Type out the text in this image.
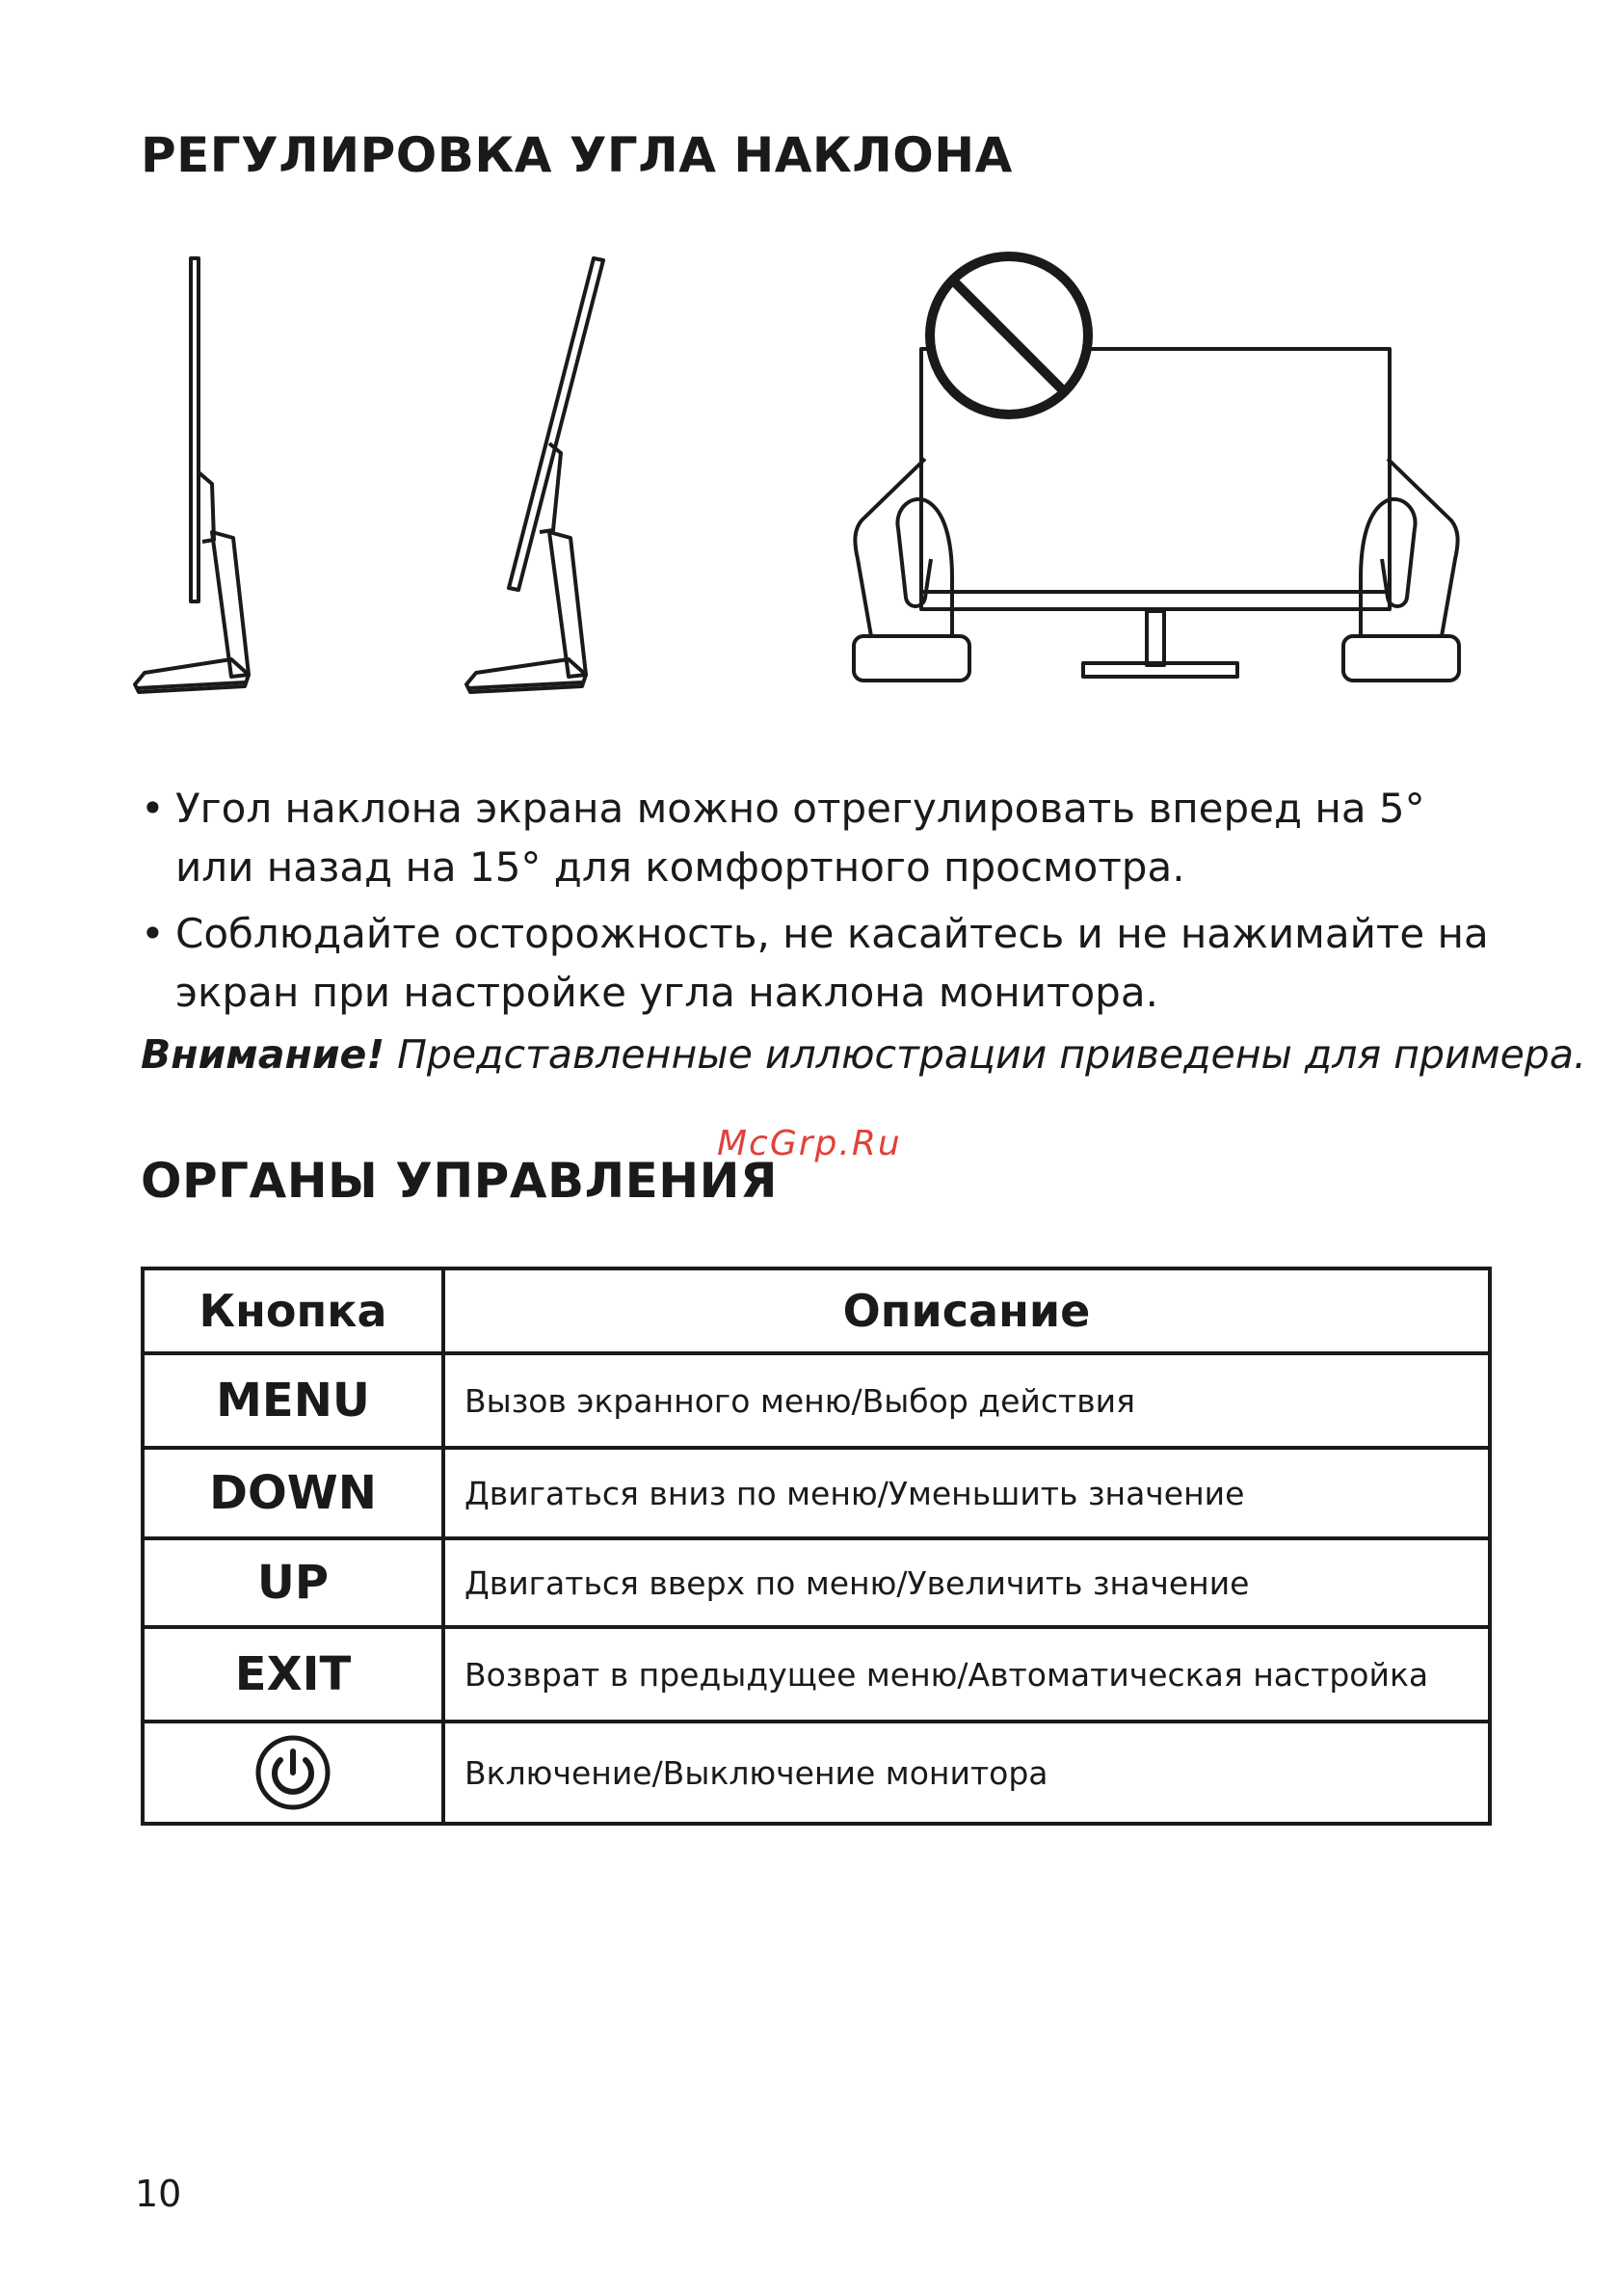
РЕГУЛИРОВКА УГЛА НАКЛОНА
• Угол наклона экрана можно отрегулировать вперед на 5° или назад на 15° для комфортного просмотра.
• Соблюдайте осторожность, не касайтесь и не нажимайте на экран при настройке угла наклона монитора.
Внимание! Представленные иллюстрации приведены для примера.
McGrp.Ru
ОРГАНЫ УПРАВЛЕНИЯ
Кнопка	Описание
MENU	Вызов экранного меню/Выбор действия
DOWN	Двигаться вниз по меню/Уменьшить значение
UP	Двигаться вверх по меню/Увеличить значение
EXIT	Возврат в предыдущее меню/Автоматическая настройка
	Включение/Выключение монитора
10
